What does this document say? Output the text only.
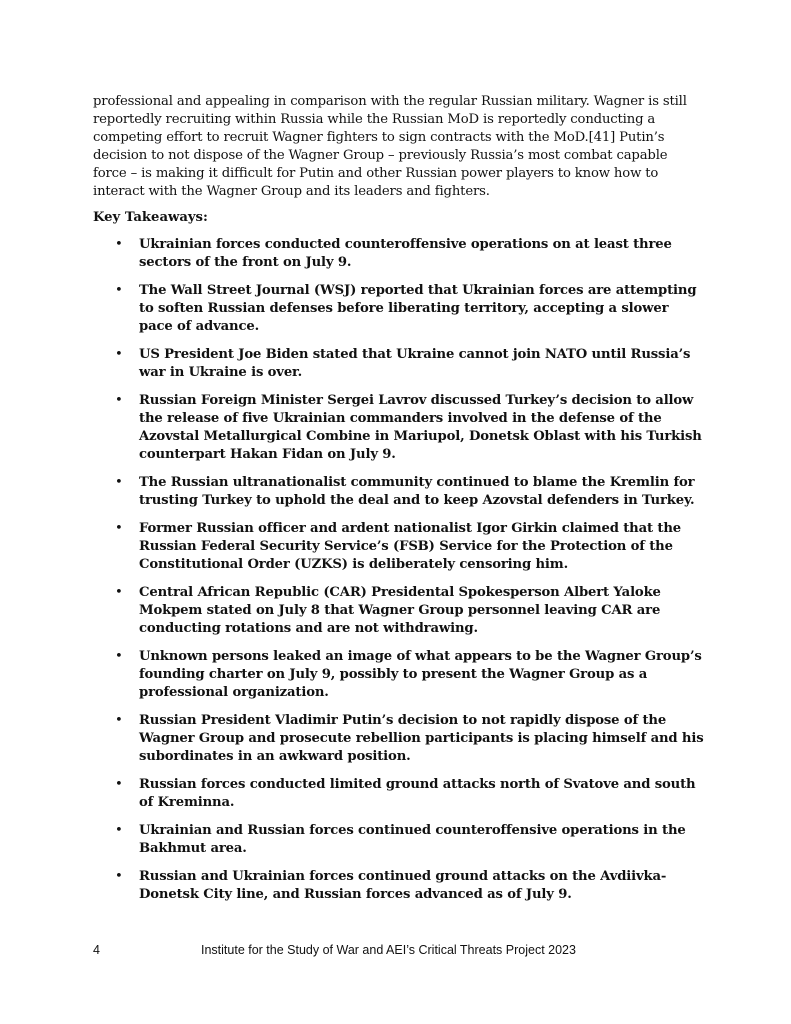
professional and appealing in comparison with the regular Russian military. Wagner is still reportedly recruiting within Russia while the Russian MoD is reportedly conducting a competing effort to recruit Wagner fighters to sign contracts with the MoD.[41] Putin’s decision to not dispose of the Wagner Group – previously Russia’s most combat capable force – is making it difficult for Putin and other Russian power players to know how to interact with the Wagner Group and its leaders and fighters.

Key Takeaways:

• Ukrainian forces conducted counteroffensive operations on at least three sectors of the front on July 9.
• The Wall Street Journal (WSJ) reported that Ukrainian forces are attempting to soften Russian defenses before liberating territory, accepting a slower pace of advance.
• US President Joe Biden stated that Ukraine cannot join NATO until Russia’s war in Ukraine is over.
• Russian Foreign Minister Sergei Lavrov discussed Turkey’s decision to allow the release of five Ukrainian commanders involved in the defense of the Azovstal Metallurgical Combine in Mariupol, Donetsk Oblast with his Turkish counterpart Hakan Fidan on July 9.
• The Russian ultranationalist community continued to blame the Kremlin for trusting Turkey to uphold the deal and to keep Azovstal defenders in Turkey.
• Former Russian officer and ardent nationalist Igor Girkin claimed that the Russian Federal Security Service’s (FSB) Service for the Protection of the Constitutional Order (UZKS) is deliberately censoring him.
• Central African Republic (CAR) Presidental Spokesperson Albert Yaloke Mokpem stated on July 8 that Wagner Group personnel leaving CAR are conducting rotations and are not withdrawing.
• Unknown persons leaked an image of what appears to be the Wagner Group’s founding charter on July 9, possibly to present the Wagner Group as a professional organization.
• Russian President Vladimir Putin’s decision to not rapidly dispose of the Wagner Group and prosecute rebellion participants is placing himself and his subordinates in an awkward position.
• Russian forces conducted limited ground attacks north of Svatove and south of Kreminna.
• Ukrainian and Russian forces continued counteroffensive operations in the Bakhmut area.
• Russian and Ukrainian forces continued ground attacks on the Avdiivka-Donetsk City line, and Russian forces advanced as of July 9.
4	Institute for the Study of War and AEI’s Critical Threats Project 2023
